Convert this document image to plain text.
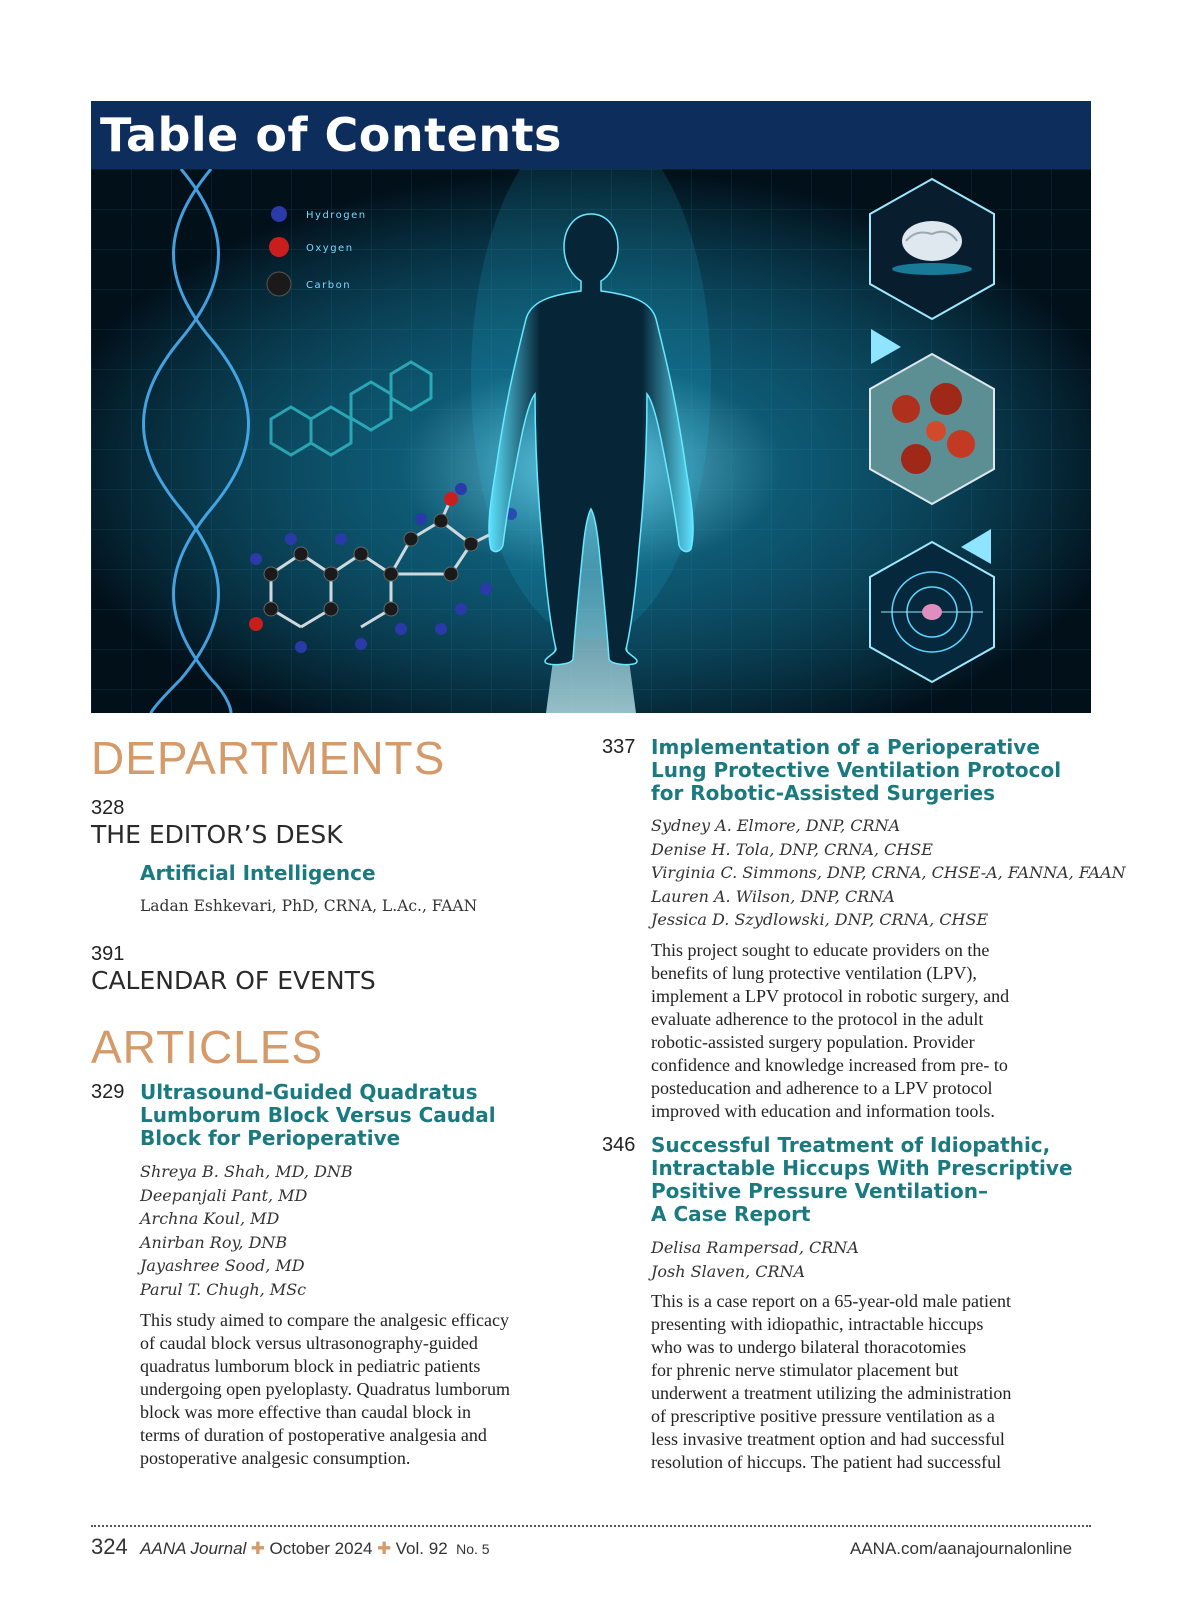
Table of Contents
Hydrogen
Oxygen
Carbon
DEPARTMENTS
328
THE EDITOR’S DESK
Artificial Intelligence
Ladan Eshkevari, PhD, CRNA, L.Ac., FAAN
391
CALENDAR OF EVENTS
ARTICLES
329 Ultrasound-Guided Quadratus
Lumborum Block Versus Caudal
Block for Perioperative
Shreya B. Shah, MD, DNB
Deepanjali Pant, MD
Archna Koul, MD
Anirban Roy, DNB
Jayashree Sood, MD
Parul T. Chugh, MSc
This study aimed to compare the analgesic efficacy
of caudal block versus ultrasonography-guided
quadratus lumborum block in pediatric patients
undergoing open pyeloplasty. Quadratus lumborum
block was more effective than caudal block in
terms of duration of postoperative analgesia and
postoperative analgesic consumption.
337 Implementation of a Perioperative
Lung Protective Ventilation Protocol
for Robotic-Assisted Surgeries
Sydney A. Elmore, DNP, CRNA
Denise H. Tola, DNP, CRNA, CHSE
Virginia C. Simmons, DNP, CRNA, CHSE-A, FANNA, FAAN
Lauren A. Wilson, DNP, CRNA
Jessica D. Szydlowski, DNP, CRNA, CHSE
This project sought to educate providers on the
benefits of lung protective ventilation (LPV),
implement a LPV protocol in robotic surgery, and
evaluate adherence to the protocol in the adult
robotic-assisted surgery population. Provider
confidence and knowledge increased from pre- to
posteducation and adherence to a LPV protocol
improved with education and information tools.
346 Successful Treatment of Idiopathic,
Intractable Hiccups With Prescriptive
Positive Pressure Ventilation–
A Case Report
Delisa Rampersad, CRNA
Josh Slaven, CRNA
This is a case report on a 65-year-old male patient
presenting with idiopathic, intractable hiccups
who was to undergo bilateral thoracotomies
for phrenic nerve stimulator placement but
underwent a treatment utilizing the administration
of prescriptive positive pressure ventilation as a
less invasive treatment option and had successful
resolution of hiccups. The patient had successful
324 AANA Journal ✚ October 2024 ✚ Vol. 92 No. 5	AANA.com/aanajournalonline
